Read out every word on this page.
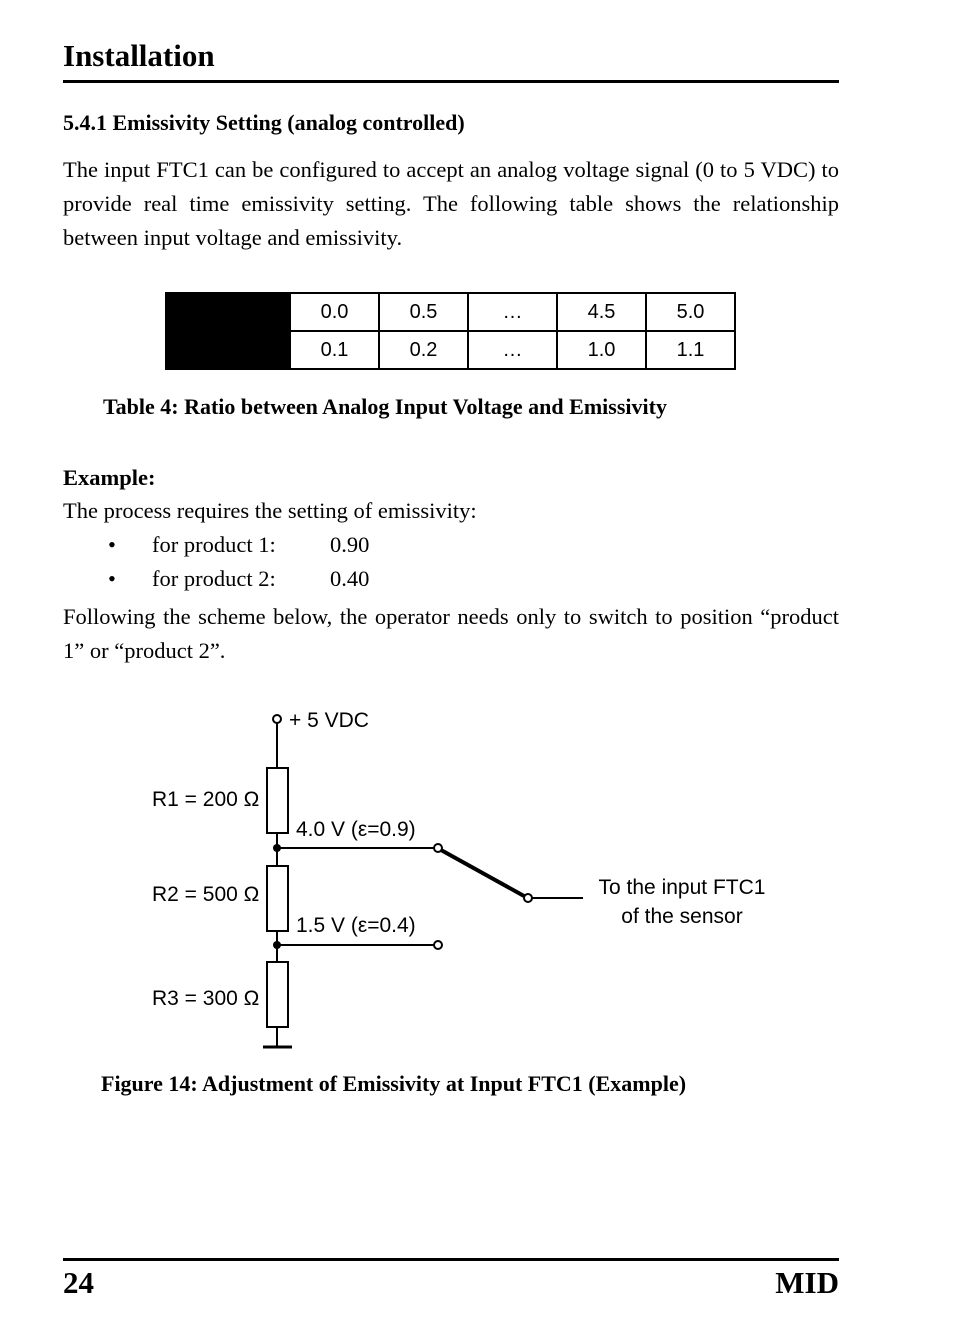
Installation
5.4.1 Emissivity Setting (analog controlled)
The input FTC1 can be configured to accept an analog voltage signal (0 to 5 VDC) to provide real time emissivity setting. The following table shows the relationship between input voltage and emissivity.
	0.0	0.5	…	4.5	5.0
	0.1	0.2	…	1.0	1.1
Table 4: Ratio between Analog Input Voltage and Emissivity
Example:
The process requires the setting of emissivity:
• for product 1: 0.90
• for product 2: 0.40
Following the scheme below, the operator needs only to switch to position “product 1” or “product 2”.
+ 5 VDC
R1 = 200 Ω
4.0 V (ε=0.9)
R2 = 500 Ω
1.5 V (ε=0.4)
R3 = 300 Ω
To the input FTC1
of the sensor
Figure 14: Adjustment of Emissivity at Input FTC1 (Example)
24	MID
